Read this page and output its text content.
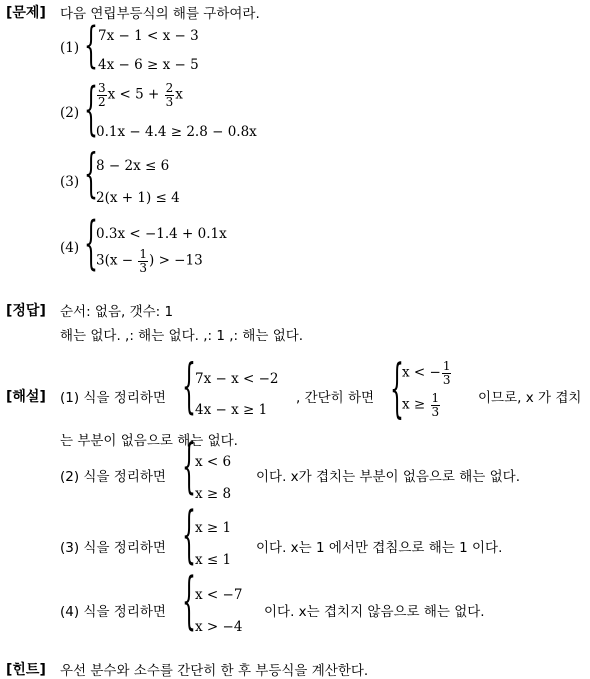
[문제] 다음 연립부등식의 해를 구하여라.
(1) { 7x − 1 < x − 3
4x − 6 ≥ x − 5
(2) { $\frac{3}{2}$ $x < 5 + \frac{2}{3}$ x
0.1x − 4.4 ≥ 2.8 − 0.8x
(3) {
8 − 2x ≤ 6
2(x + 1) ≤ 4
(4) {
0.3x < −1.4 + 0.1x
$3(x - \frac{1}{3}$ ) > −13
[정답] 순서: 없음, 갯수: 1
해는 없다. ,: 해는 없다. ,: 1 ,: 해는 없다.
[해설] (1) 식을 정리하면 { 7x − x < −2
4x − x ≥ 1
, 간단히 하면 {
x < − $\frac{1}{3}$
$x \ge \frac{1}{3}$	이므로, x 가 겹치
는 부분이 없음으로 해는 없다.
(2) 식을 정리하면 { x < 6
x ≥ 8
이다. x가 겹치는 부분이 없음으로 해는 없다.
(3) 식을 정리하면 { x ≥ 1
x ≤ 1
이다. x는 1 에서만 겹침으로 해는 1 이다.
(4) 식을 정리하면 { x < −7
x > −4
이다. x는 겹치지 않음으로 해는 없다.
[힌트] 우선 분수와 소수를 간단히 한 후 부등식을 계산한다.
